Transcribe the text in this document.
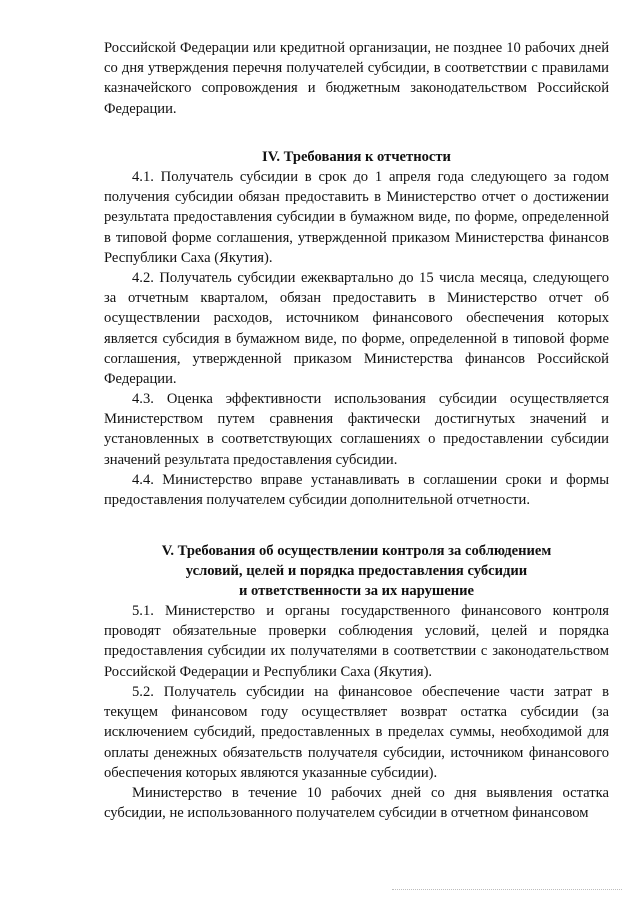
Российской Федерации или кредитной организации, не позднее 10 рабочих дней со дня утверждения перечня получателей субсидии, в соответствии с правилами казначейского сопровождения и бюджетным законодательством Российской Федерации.
IV. Требования к отчетности
4.1. Получатель субсидии в срок до 1 апреля года следующего за годом получения субсидии обязан предоставить в Министерство отчет о достижении результата предоставления субсидии в бумажном виде, по форме, определенной в типовой форме соглашения, утвержденной приказом Министерства финансов Республики Саха (Якутия).
4.2. Получатель субсидии ежеквартально до 15 числа месяца, следующего за отчетным кварталом, обязан предоставить в Министерство отчет об осуществлении расходов, источником финансового обеспечения которых является субсидия в бумажном виде, по форме, определенной в типовой форме соглашения, утвержденной приказом Министерства финансов Российской Федерации.
4.3. Оценка эффективности использования субсидии осуществляется Министерством путем сравнения фактически достигнутых значений и установленных в соответствующих соглашениях о предоставлении субсидии значений результата предоставления субсидии.
4.4. Министерство вправе устанавливать в соглашении сроки и формы предоставления получателем субсидии дополнительной отчетности.
V. Требования об осуществлении контроля за соблюдением
условий, целей и порядка предоставления субсидии
и ответственности за их нарушение
5.1. Министерство и органы государственного финансового контроля проводят обязательные проверки соблюдения условий, целей и порядка предоставления субсидии их получателями в соответствии с законодательством Российской Федерации и Республики Саха (Якутия).
5.2. Получатель субсидии на финансовое обеспечение части затрат в текущем финансовом году осуществляет возврат остатка субсидии (за исключением субсидий, предоставленных в пределах суммы, необходимой для оплаты денежных обязательств получателя субсидии, источником финансового обеспечения которых являются указанные субсидии).
Министерство в течение 10 рабочих дней со дня выявления остатка субсидии, не использованного получателем субсидии в отчетном финансовом
